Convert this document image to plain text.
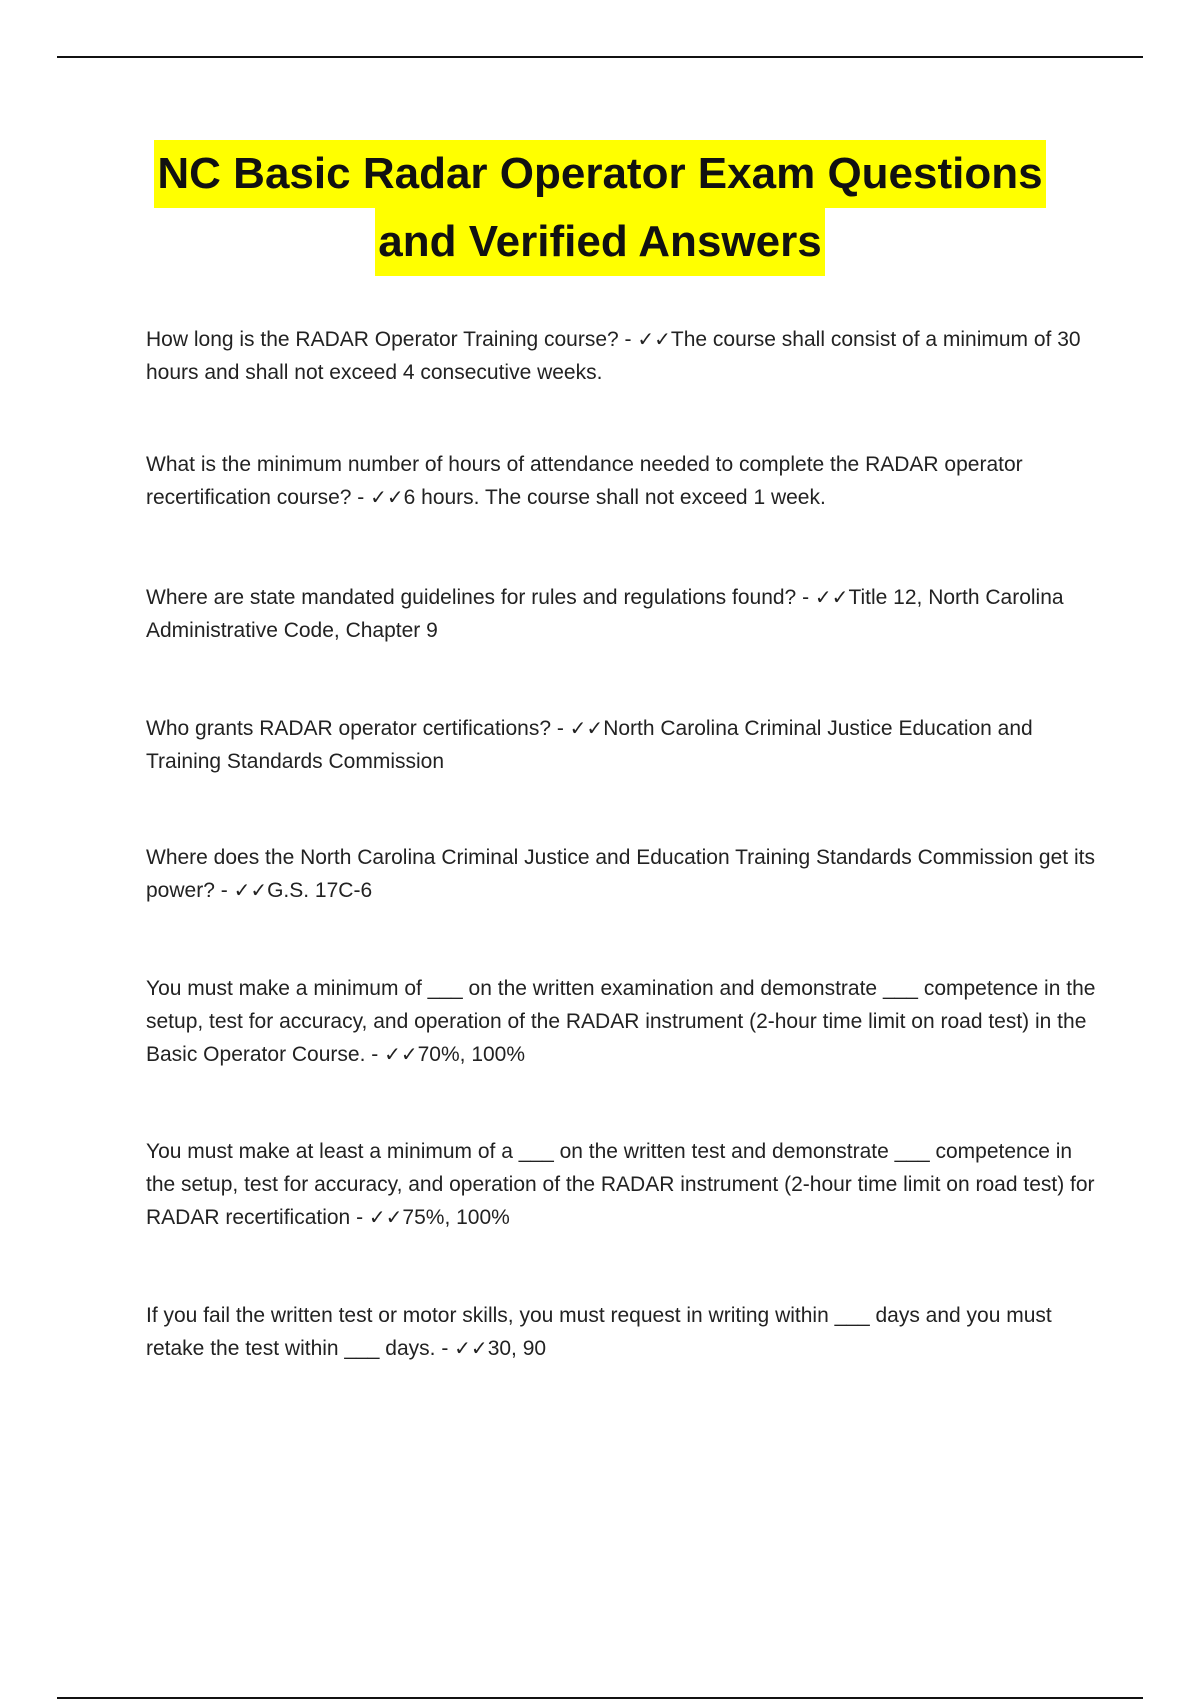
NC Basic Radar Operator Exam Questions
and Verified Answers

How long is the RADAR Operator Training course? - ✓✓The course shall consist of a minimum of 30 hours and shall not exceed 4 consecutive weeks.

What is the minimum number of hours of attendance needed to complete the RADAR operator recertification course? - ✓✓6 hours. The course shall not exceed 1 week.

Where are state mandated guidelines for rules and regulations found? - ✓✓Title 12, North Carolina Administrative Code, Chapter 9

Who grants RADAR operator certifications? - ✓✓North Carolina Criminal Justice Education and Training Standards Commission

Where does the North Carolina Criminal Justice and Education Training Standards Commission get its power? - ✓✓G.S. 17C-6

You must make a minimum of ___ on the written examination and demonstrate ___ competence in the setup, test for accuracy, and operation of the RADAR instrument (2-hour time limit on road test) in the Basic Operator Course. - ✓✓70%, 100%

You must make at least a minimum of a ___ on the written test and demonstrate ___ competence in the setup, test for accuracy, and operation of the RADAR instrument (2-hour time limit on road test) for RADAR recertification - ✓✓75%, 100%

If you fail the written test or motor skills, you must request in writing within ___ days and you must retake the test within ___ days. - ✓✓30, 90
